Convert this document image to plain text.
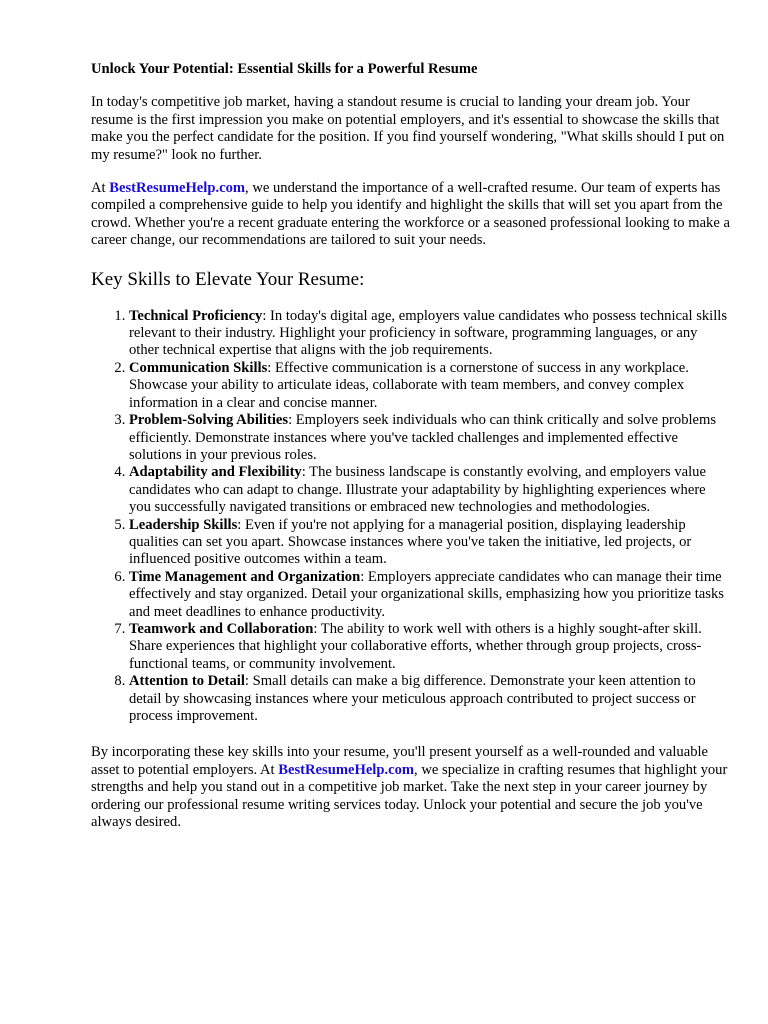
Unlock Your Potential: Essential Skills for a Powerful Resume

In today's competitive job market, having a standout resume is crucial to landing your dream job. Your resume is the first impression you make on potential employers, and it's essential to showcase the skills that make you the perfect candidate for the position. If you find yourself wondering, "What skills should I put on my resume?" look no further.

At BestResumeHelp.com, we understand the importance of a well-crafted resume. Our team of experts has compiled a comprehensive guide to help you identify and highlight the skills that will set you apart from the crowd. Whether you're a recent graduate entering the workforce or a seasoned professional looking to make a career change, our recommendations are tailored to suit your needs.

Key Skills to Elevate Your Resume:
1. Technical Proficiency: In today's digital age, employers value candidates who possess technical skills relevant to their industry. Highlight your proficiency in software, programming languages, or any other technical expertise that aligns with the job requirements.
2. Communication Skills: Effective communication is a cornerstone of success in any workplace. Showcase your ability to articulate ideas, collaborate with team members, and convey complex information in a clear and concise manner.
3. Problem-Solving Abilities: Employers seek individuals who can think critically and solve problems efficiently. Demonstrate instances where you've tackled challenges and implemented effective solutions in your previous roles.
4. Adaptability and Flexibility: The business landscape is constantly evolving, and employers value candidates who can adapt to change. Illustrate your adaptability by highlighting experiences where you successfully navigated transitions or embraced new technologies and methodologies.
5. Leadership Skills: Even if you're not applying for a managerial position, displaying leadership qualities can set you apart. Showcase instances where you've taken the initiative, led projects, or influenced positive outcomes within a team.
6. Time Management and Organization: Employers appreciate candidates who can manage their time effectively and stay organized. Detail your organizational skills, emphasizing how you prioritize tasks and meet deadlines to enhance productivity.
7. Teamwork and Collaboration: The ability to work well with others is a highly sought-after skill. Share experiences that highlight your collaborative efforts, whether through group projects, cross-functional teams, or community involvement.
8. Attention to Detail: Small details can make a big difference. Demonstrate your keen attention to detail by showcasing instances where your meticulous approach contributed to project success or process improvement.

By incorporating these key skills into your resume, you'll present yourself as a well-rounded and valuable asset to potential employers. At BestResumeHelp.com, we specialize in crafting resumes that highlight your strengths and help you stand out in a competitive job market. Take the next step in your career journey by ordering our professional resume writing services today. Unlock your potential and secure the job you've always desired.
